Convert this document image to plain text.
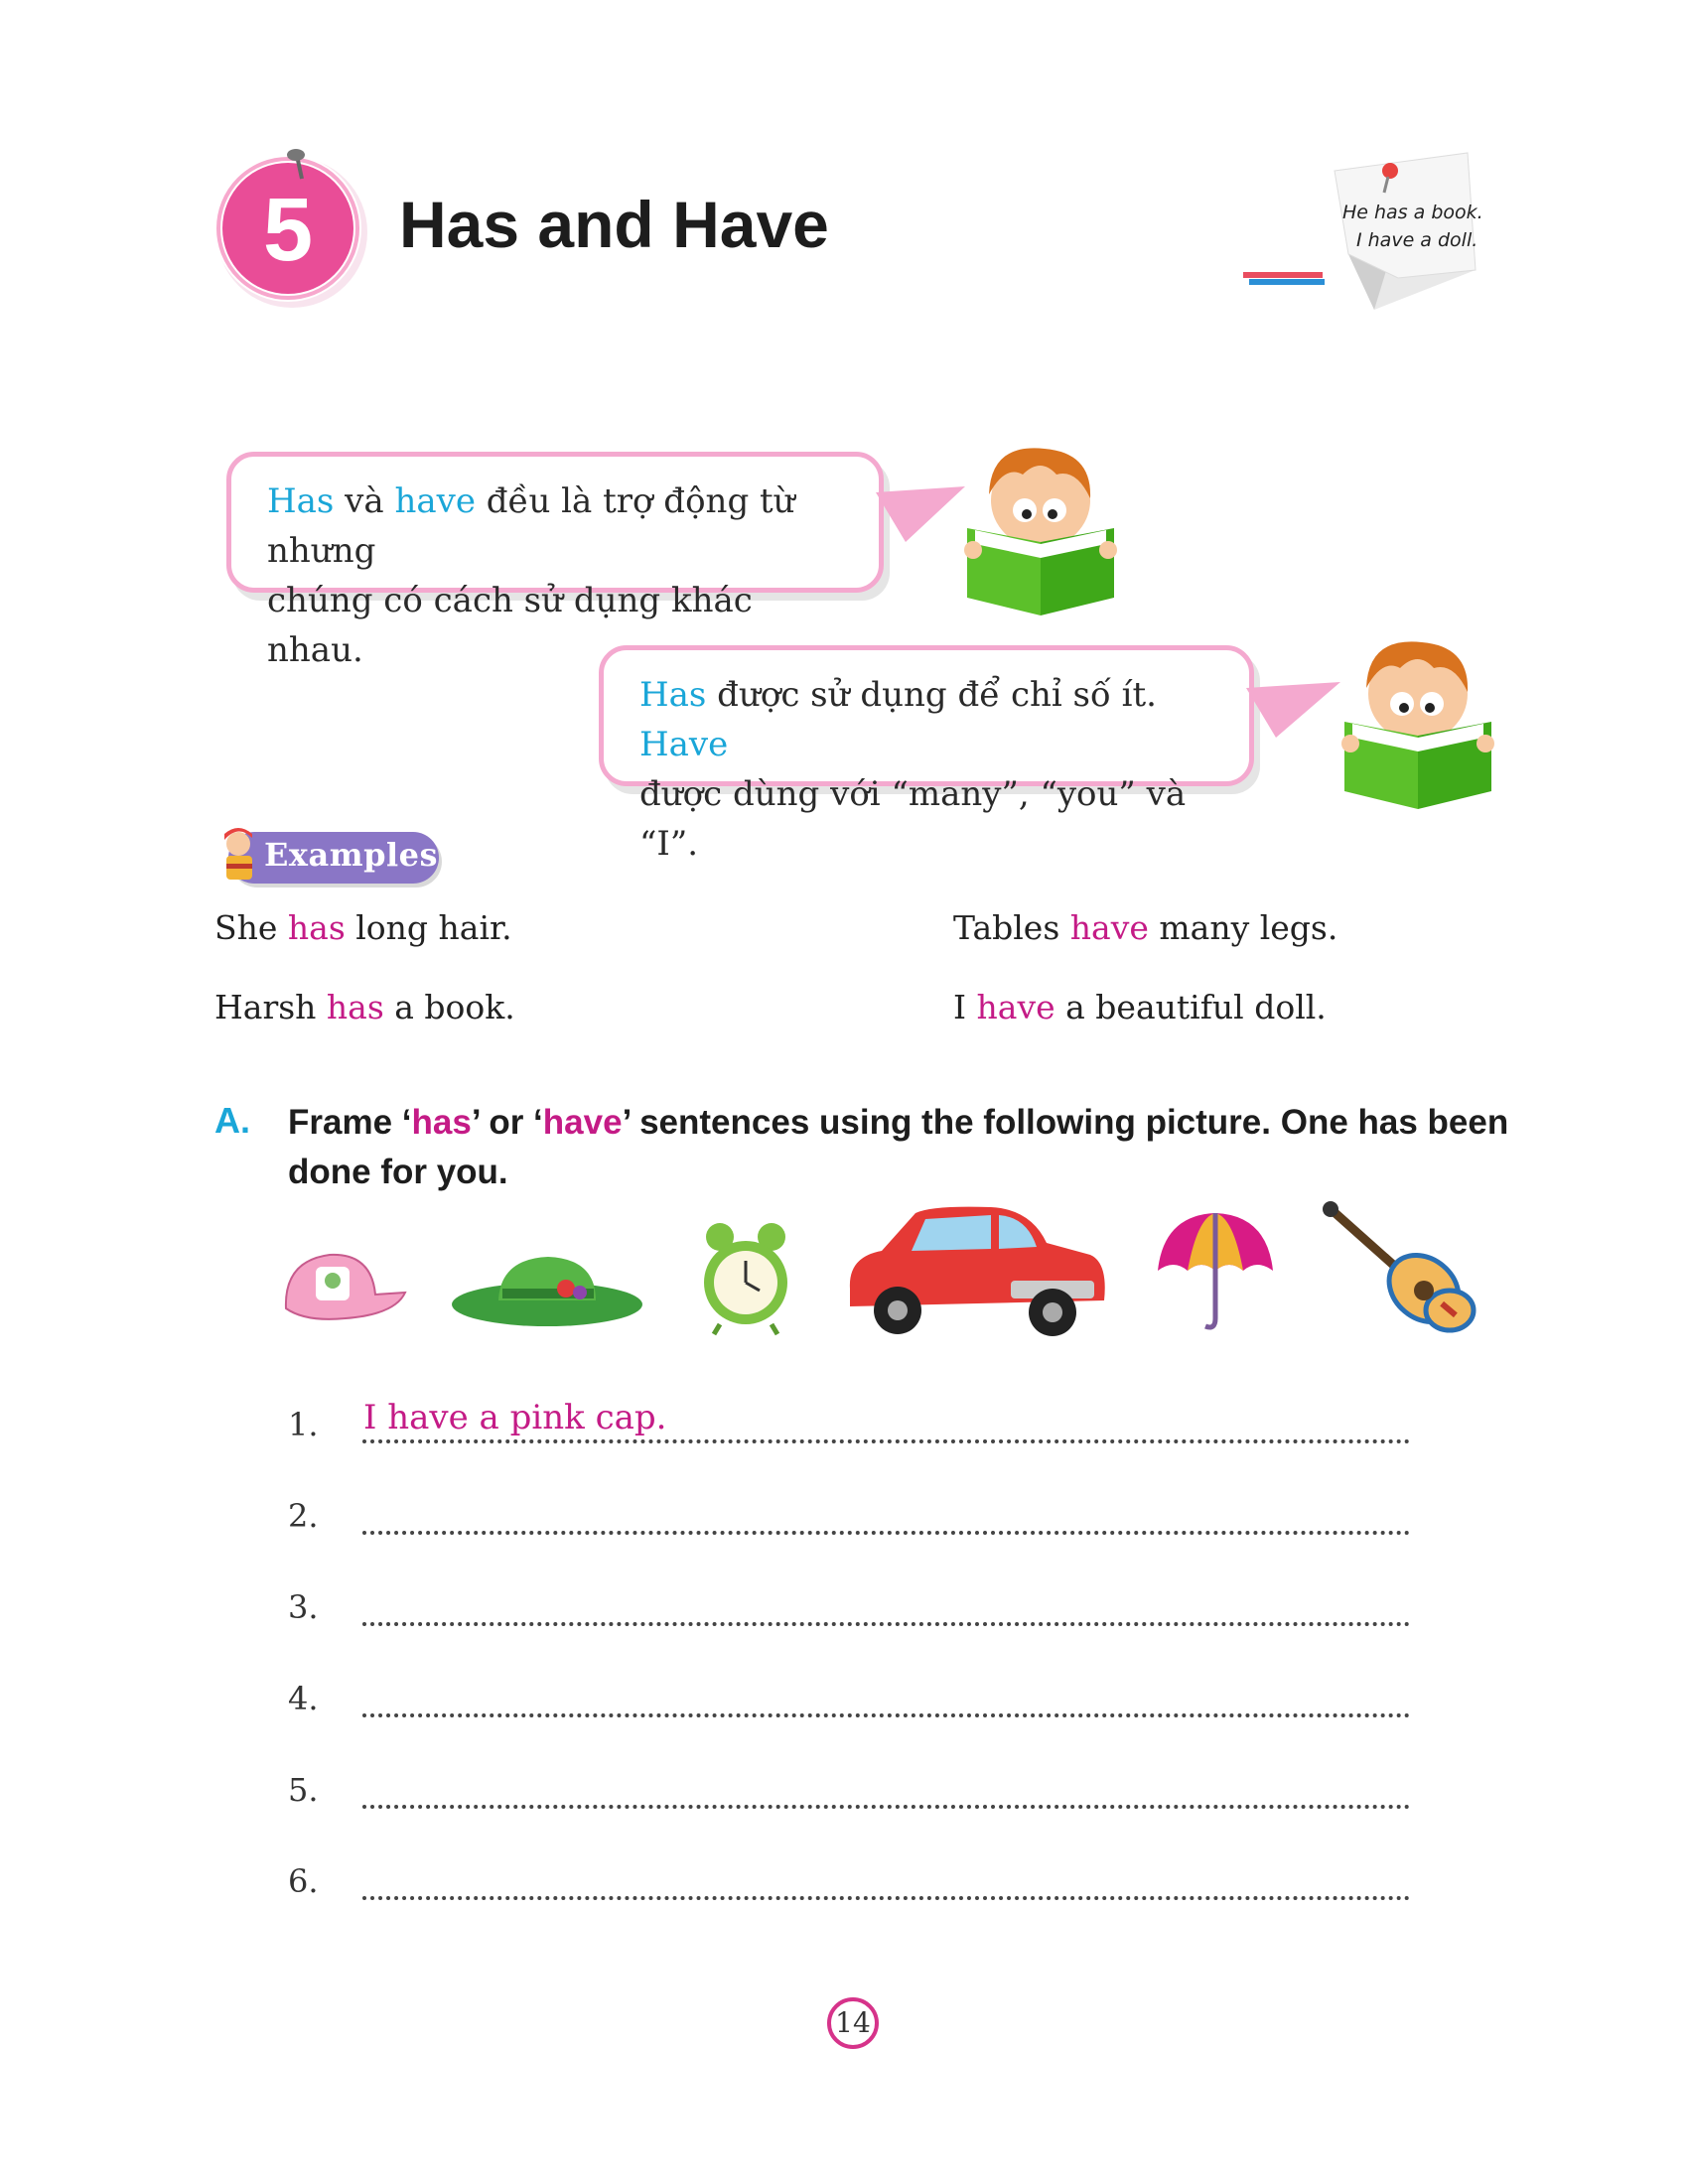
5 Has and Have	He has a book.
I have a doll.
Has và have đều là trợ động từ nhưng
chúng có cách sử dụng khác nhau.
Has được sử dụng để chỉ số ít. Have
được dùng với “many”, “you” và “I”.
Examples
She has long hair.
Harsh has a book.
Tables have many legs.
I have a beautiful doll.
A. Frame ‘has’ or ‘have’ sentences using the following picture. One has been done for you.
1. I have a pink cap.
2.
3.
4.
5.
6.
14
